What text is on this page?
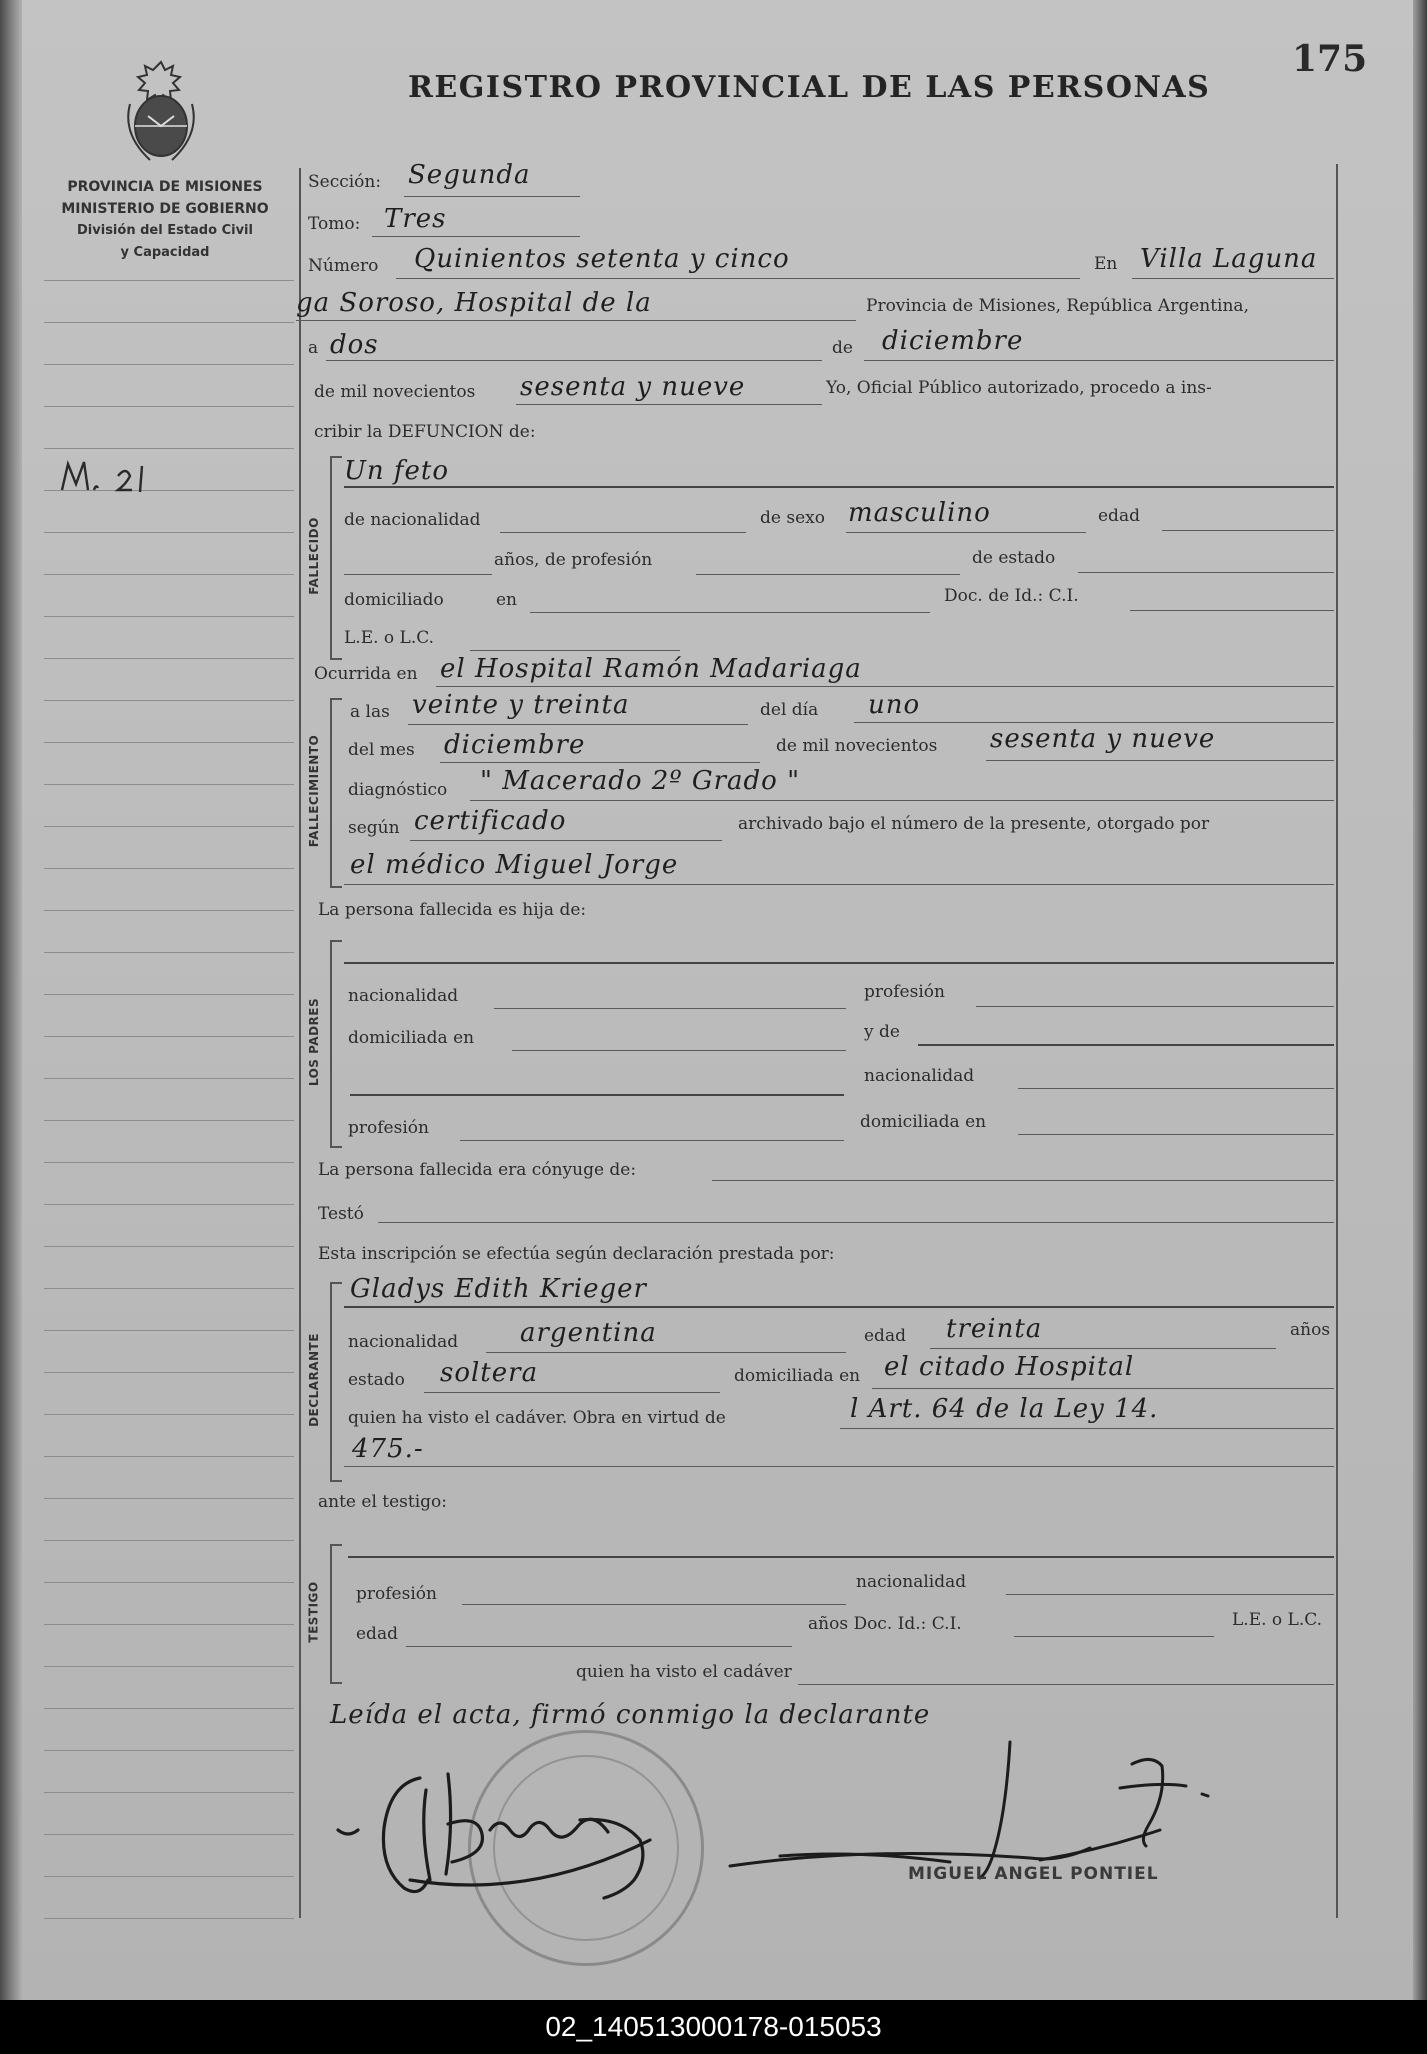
REGISTRO PROVINCIAL DE LAS PERSONAS
175
PROVINCIA DE MISIONES
MINISTERIO DE GOBIERNO
División del Estado Civil
y Capacidad
FALLECIDO
FALLECIMIENTO
LOS PADRES
DECLARANTE
TESTIGO
Sección: Segunda
Tomo: Tres
Número Quinientos setenta y cinco	En Villa Laguna
ga Soroso, Hospital de la	Provincia de Misiones, República Argentina,
a dos	de diciembre
de mil novecientos sesenta y nueve	Yo, Oficial Público autorizado, procedo a ins-
cribir la DEFUNCION de:
Un feto
de nacionalidad	de sexo masculino	edad
años, de profesión	de estado
domiciliado	en	Doc. de Id.: C.I.
L.E. o L.C.
Ocurrida en el Hospital Ramón Madariaga
a las veinte y treinta	del día uno
del mes diciembre	de mil novecientos sesenta y nueve
diagnóstico " Macerado 2º Grado "
según certificado	archivado bajo el número de la presente, otorgado por
el médico Miguel Jorge
La persona fallecida es hija de:
nacionalidad	profesión
domiciliada en	y de
nacionalidad
profesión	domiciliada en
La persona fallecida era cónyuge de:
Testó
Esta inscripción se efectúa según declaración prestada por:
Gladys Edith Krieger
nacionalidad argentina	edad treinta	años
estado soltera	domiciliada en el citado Hospital
quien ha visto el cadáver. Obra en virtud de	l Art. 64 de la Ley 14.
475.-
ante el testigo:
profesión
nacionalidad
edad	años Doc. Id.: C.I.	L.E. o L.C.
quien ha visto el cadáver
Leída el acta, firmó conmigo la declarante
MIGUEL ANGEL PONTIEL
02_140513000178-015053
